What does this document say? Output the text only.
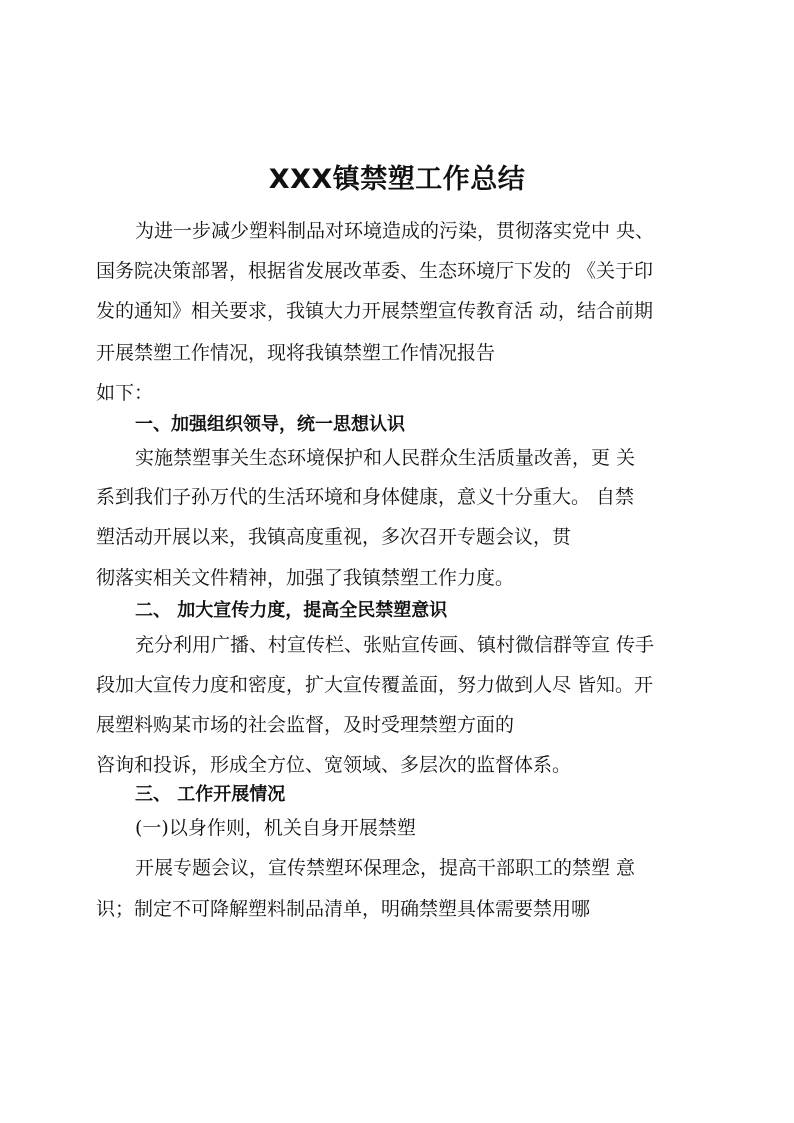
XXX镇禁塑工作总结
为进一步减少塑料制品对环境造成的污染，贯彻落实党中 央、
国务院决策部署，根据省发展改革委、生态环境厅下发的 《关于印
发的通知》相关要求，我镇大力开展禁塑宣传教育活 动，结合前期
开展禁塑工作情况，现将我镇禁塑工作情况报告
如下：
一、加强组织领导，统一思想认识
实施禁塑事关生态环境保护和人民群众生活质量改善，更 关
系到我们子孙万代的生活环境和身体健康，意义十分重大。 自禁
塑活动开展以来，我镇高度重视，多次召开专题会议，贯
彻落实相关文件精神，加强了我镇禁塑工作力度。
二、 加大宣传力度，提高全民禁塑意识
充分利用广播、村宣传栏、张贴宣传画、镇村微信群等宣 传手
段加大宣传力度和密度，扩大宣传覆盖面，努力做到人尽 皆知。开
展塑料购某市场的社会监督，及时受理禁塑方面的
咨询和投诉，形成全方位、宽领域、多层次的监督体系。
三、 工作开展情况
(一)以身作则，机关自身开展禁塑
开展专题会议，宣传禁塑环保理念，提高干部职工的禁塑 意
识；制定不可降解塑料制品清单，明确禁塑具体需要禁用哪
